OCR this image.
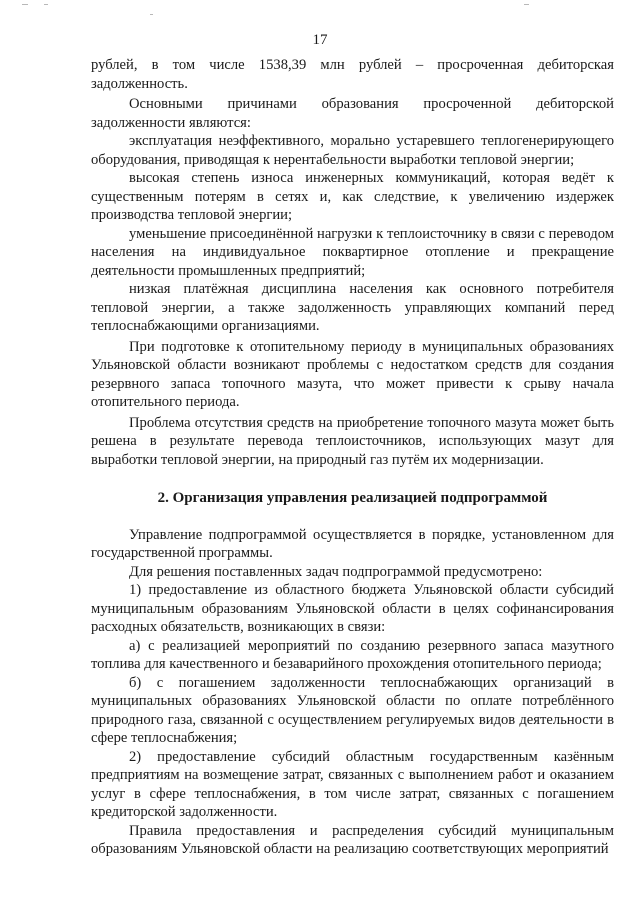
17

рублей, в том числе 1538,39 млн рублей – просроченная дебиторская задолженность.

Основными причинами образования просроченной дебиторской задолженности являются:

эксплуатация неэффективного, морально устаревшего теплогенерирующего оборудования, приводящая к нерентабельности выработки тепловой энергии;

высокая степень износа инженерных коммуникаций, которая ведёт к существенным потерям в сетях и, как следствие, к увеличению издержек производства тепловой энергии;

уменьшение присоединённой нагрузки к теплоисточнику в связи с переводом населения на индивидуальное поквартирное отопление и прекращение деятельности промышленных предприятий;

низкая платёжная дисциплина населения как основного потребителя тепловой энергии, а также задолженность управляющих компаний перед теплоснабжающими организациями.

При подготовке к отопительному периоду в муниципальных образованиях Ульяновской области возникают проблемы с недостатком средств для создания резервного запаса топочного мазута, что может привести к срыву начала отопительного периода.

Проблема отсутствия средств на приобретение топочного мазута может быть решена в результате перевода теплоисточников, использующих мазут для выработки тепловой энергии, на природный газ путём их модернизации.

2. Организация управления реализацией подпрограммой

Управление подпрограммой осуществляется в порядке, установленном для государственной программы.

Для решения поставленных задач подпрограммой предусмотрено:

1) предоставление из областного бюджета Ульяновской области субсидий муниципальным образованиям Ульяновской области в целях софинансирования расходных обязательств, возникающих в связи:

а) с реализацией мероприятий по созданию резервного запаса мазутного топлива для качественного и безаварийного прохождения отопительного периода;

б) с погашением задолженности теплоснабжающих организаций в муниципальных образованиях Ульяновской области по оплате потреблённого природного газа, связанной с осуществлением регулируемых видов деятельности в сфере теплоснабжения;

2) предоставление субсидий областным государственным казённым предприятиям на возмещение затрат, связанных с выполнением работ и оказанием услуг в сфере теплоснабжения, в том числе затрат, связанных с погашением кредиторской задолженности.

Правила предоставления и распределения субсидий муниципальным образованиям Ульяновской области на реализацию соответствующих мероприятий
